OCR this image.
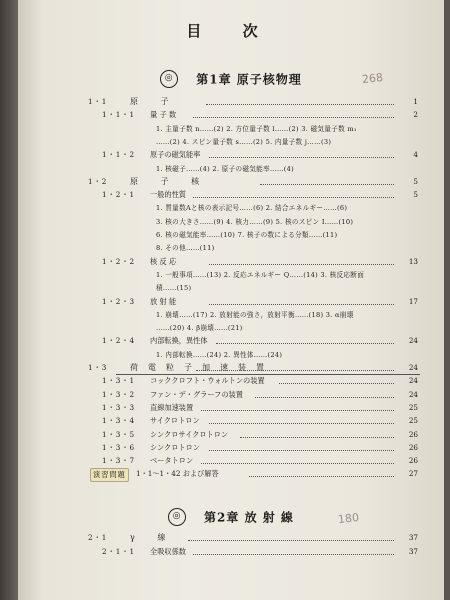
目 次
◎ 第1章 原子核物理	268
1・1	原 子	1
1・1・1 量 子 数	2
1. 主量子数 n……(2) 2. 方位量子数 l……(2) 3. 磁気量子数 m₁
……(2) 4. スピン量子数 s……(2) 5. 内量子数 j……(3)
1・1・2 原子の磁気能率	4
1. 核磁子……(4) 2. 原子の磁気能率……(4)
1・2	原 子 核	5
1・2・1 一般的性質	5
1. 質量数Aと核の表示記号……(6) 2. 結合エネルギー……(6)
3. 核の大きさ……(9) 4. 核力……(9) 5. 核のスピン I……(10)
6. 核の磁気能率……(10) 7. 核子の数による分類……(11)
8. その他……(11)
1・2・2 核 反 応	13
1. 一般事項……(13) 2. 反応エネルギー Q……(14) 3. 核反応断面
積……(15)
1・2・3 放 射 能	17
1. 崩壊……(17) 2. 放射能の強さ，放射平衡……(18) 3. α崩壊
……(20) 4. β崩壊……(21)
1・2・4 内部転換，異性体	24
1. 内部転換……(24) 2. 異性体……(24)
1・3	荷電粒子加速装置	24
1・3・1 コッククロフト・ウォルトンの装置	24
1・3・2 ファン・デ・グラーフの装置	24
1・3・3 直線加速装置	25
1・3・4 サイクロトロン	25
1・3・5 シンクロサイクロトロン	26
1・3・6 シンクロトロン	26
1・3・7 ベータトロン	26
演習問題	1・1～1・42 および解答	27
◎ 第2章 放 射 線	180
2・1	γ 線	37
2・1・1 全吸収係数	37
